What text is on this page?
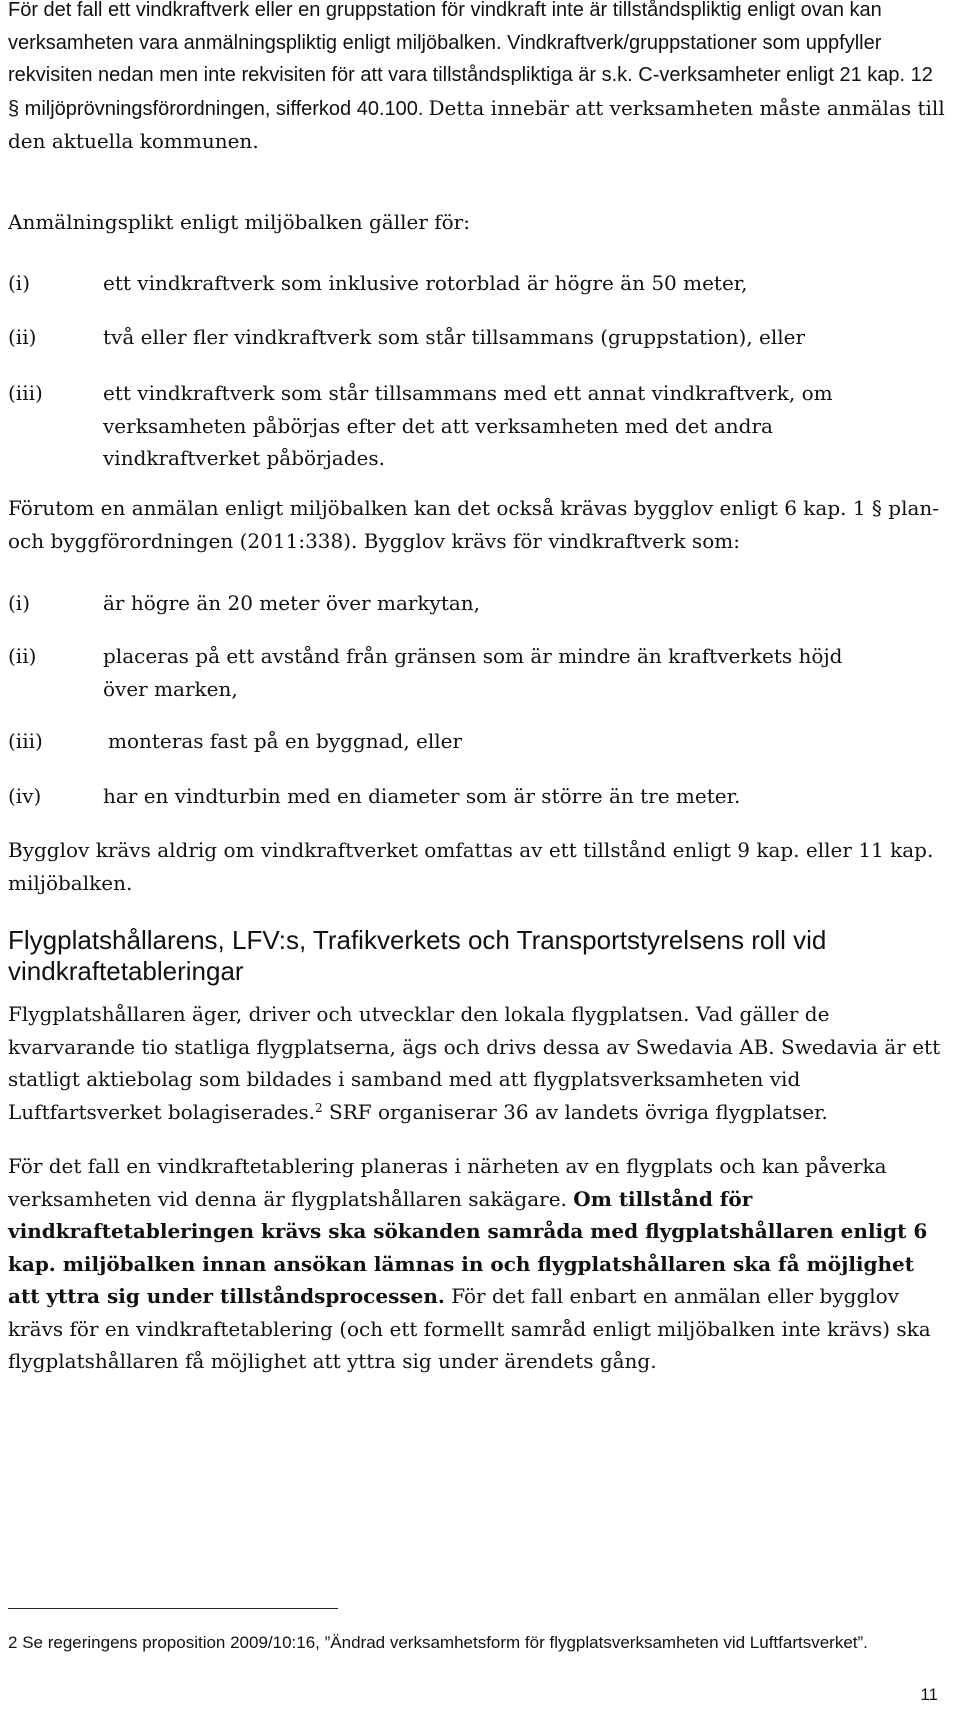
För det fall ett vindkraftverk eller en gruppstation för vindkraft inte är tillståndspliktig enligt ovan kan verksamheten vara anmälningspliktig enligt miljöbalken. Vindkraftverk/gruppstationer som uppfyller rekvisiten nedan men inte rekvisiten för att vara tillståndspliktiga är s.k. C-verksamheter enligt 21 kap. 12 § miljöprövningsförordningen, sifferkod 40.100. Detta innebär att verksamheten måste anmälas till den aktuella kommunen.

Anmälningsplikt enligt miljöbalken gäller för:

(i)	ett vindkraftverk som inklusive rotorblad är högre än 50 meter,

(ii)	två eller fler vindkraftverk som står tillsammans (gruppstation), eller

(iii)	ett vindkraftverk som står tillsammans med ett annat vindkraftverk, om verksamheten påbörjas efter det att verksamheten med det andra vindkraftverket påbörjades.

Förutom en anmälan enligt miljöbalken kan det också krävas bygglov enligt 6 kap. 1 § plan- och byggförordningen (2011:338). Bygglov krävs för vindkraftverk som:

(i)	är högre än 20 meter över markytan,

(ii)	placeras på ett avstånd från gränsen som är mindre än kraftverkets höjd över marken,

(iii)	monteras fast på en byggnad, eller

(iv)	har en vindturbin med en diameter som är större än tre meter.

Bygglov krävs aldrig om vindkraftverket omfattas av ett tillstånd enligt 9 kap. eller 11 kap. miljöbalken.

Flygplatshållarens, LFV:s, Trafikverkets och Transportstyrelsens roll vid vindkraftetableringar

Flygplatshållaren äger, driver och utvecklar den lokala flygplatsen. Vad gäller de kvarvarande tio statliga flygplatserna, ägs och drivs dessa av Swedavia AB. Swedavia är ett statligt aktiebolag som bildades i samband med att flygplatsverksamheten vid Luftfartsverket bolagiserades.$^2$ SRF organiserar 36 av landets övriga flygplatser.

För det fall en vindkraftetablering planeras i närheten av en flygplats och kan påverka verksamheten vid denna är flygplatshållaren sakägare. Om tillstånd för vindkraftetableringen krävs ska sökanden samråda med flygplatshållaren enligt 6 kap. miljöbalken innan ansökan lämnas in och flygplatshållaren ska få möjlighet att yttra sig under tillståndsprocessen. För det fall enbart en anmälan eller bygglov krävs för en vindkraftetablering (och ett formellt samråd enligt miljöbalken inte krävs) ska flygplatshållaren få möjlighet att yttra sig under ärendets gång.

2 Se regeringens proposition 2009/10:16, ”Ändrad verksamhetsform för flygplatsverksamheten vid Luftfartsverket”.

11
